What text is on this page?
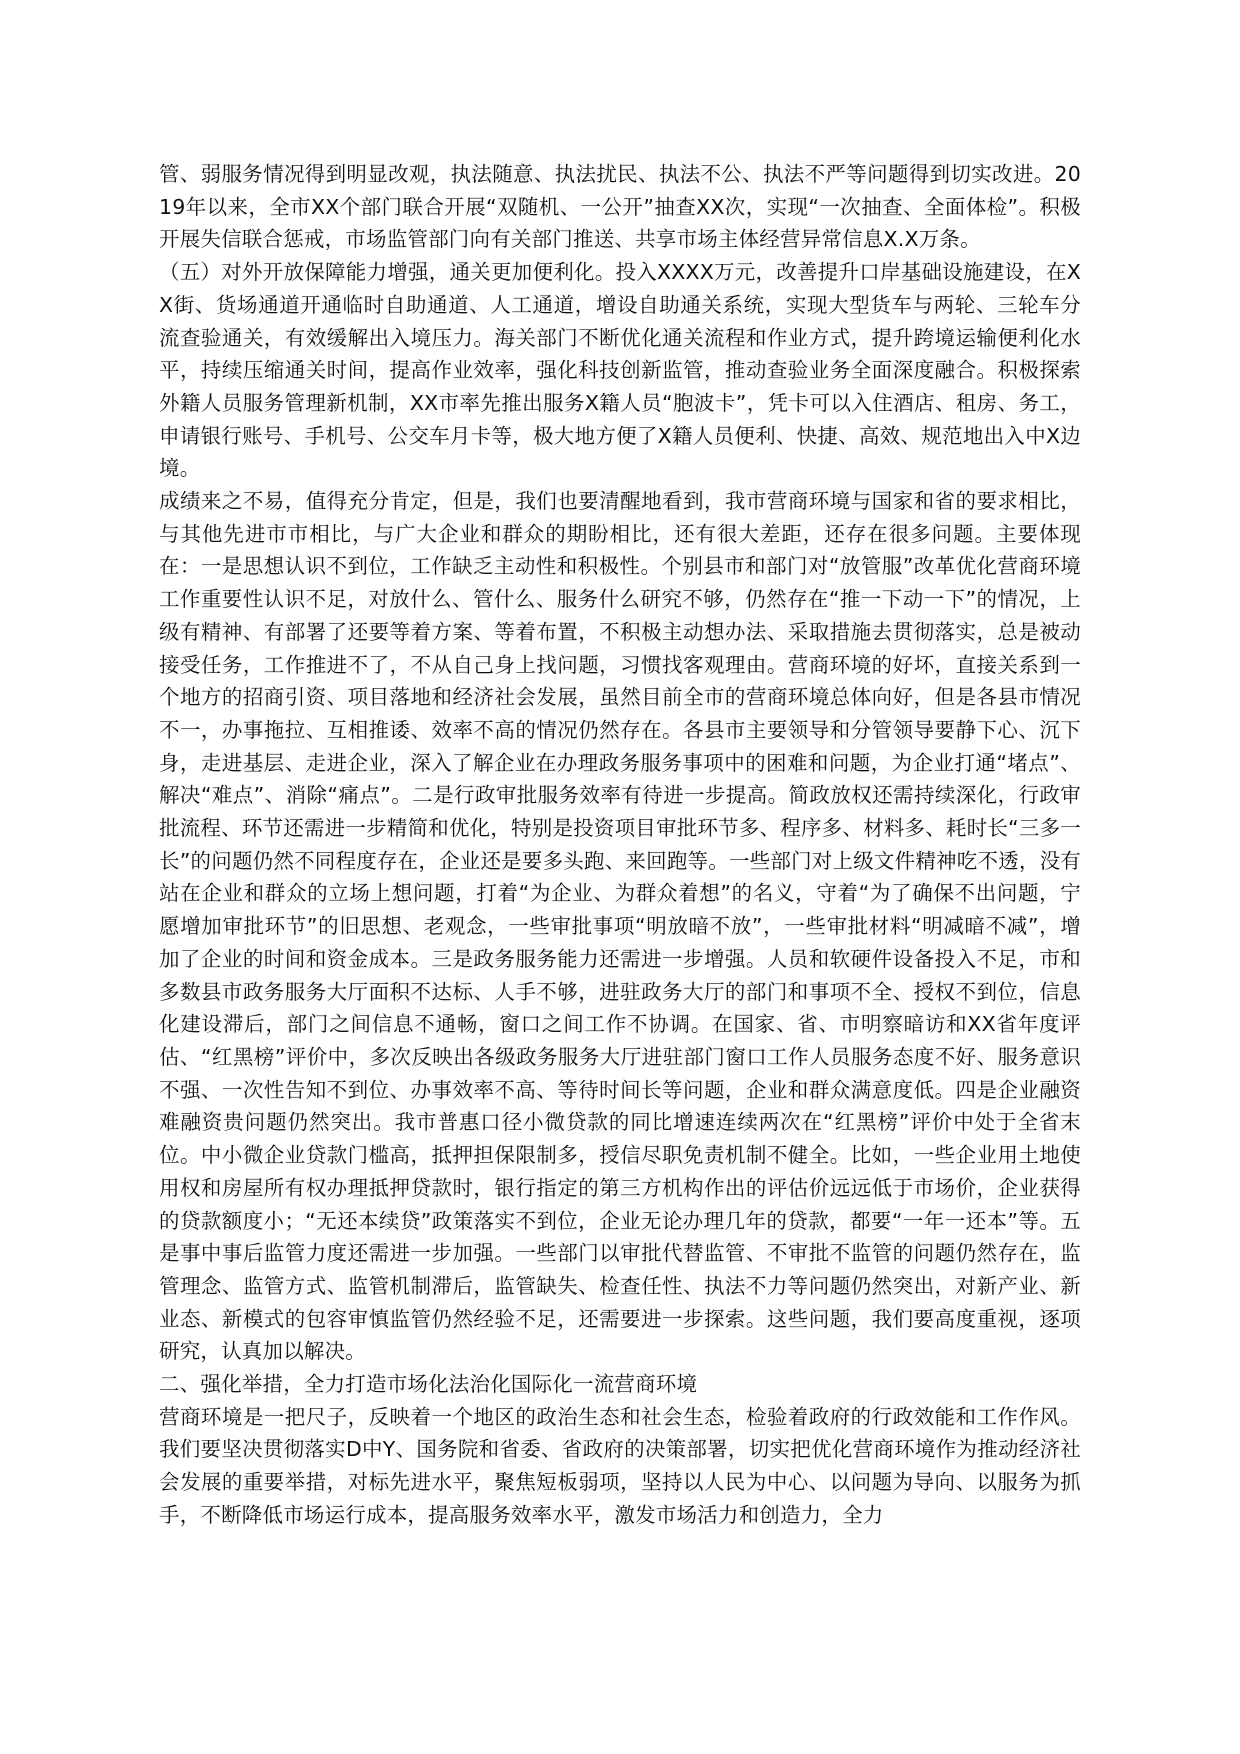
管、弱服务情况得到明显改观，执法随意、执法扰民、执法不公、执法不严等问题得到切实改进。2019年以来，全市XX个部门联合开展“双随机、一公开”抽查XX次，实现“一次抽查、全面体检”。积极开展失信联合惩戒，市场监管部门向有关部门推送、共享市场主体经营异常信息X.X万条。

（五）对外开放保障能力增强，通关更加便利化。投入XXXX万元，改善提升口岸基础设施建设，在XX街、货场通道开通临时自助通道、人工通道，增设自助通关系统，实现大型货车与两轮、三轮车分流查验通关，有效缓解出入境压力。海关部门不断优化通关流程和作业方式，提升跨境运输便利化水平，持续压缩通关时间，提高作业效率，强化科技创新监管，推动查验业务全面深度融合。积极探索外籍人员服务管理新机制，XX市率先推出服务X籍人员“胞波卡”，凭卡可以入住酒店、租房、务工，申请银行账号、手机号、公交车月卡等，极大地方便了X籍人员便利、快捷、高效、规范地出入中X边境。

成绩来之不易，值得充分肯定，但是，我们也要清醒地看到，我市营商环境与国家和省的要求相比，与其他先进市市相比，与广大企业和群众的期盼相比，还有很大差距，还存在很多问题。主要体现在：一是思想认识不到位，工作缺乏主动性和积极性。个别县市和部门对“放管服”改革优化营商环境工作重要性认识不足，对放什么、管什么、服务什么研究不够，仍然存在“推一下动一下”的情况，上级有精神、有部署了还要等着方案、等着布置，不积极主动想办法、采取措施去贯彻落实，总是被动接受任务，工作推进不了，不从自己身上找问题，习惯找客观理由。营商环境的好坏，直接关系到一个地方的招商引资、项目落地和经济社会发展，虽然目前全市的营商环境总体向好，但是各县市情况不一，办事拖拉、互相推诿、效率不高的情况仍然存在。各县市主要领导和分管领导要静下心、沉下身，走进基层、走进企业，深入了解企业在办理政务服务事项中的困难和问题，为企业打通“堵点”、解决“难点”、消除“痛点”。二是行政审批服务效率有待进一步提高。简政放权还需持续深化，行政审批流程、环节还需进一步精简和优化，特别是投资项目审批环节多、程序多、材料多、耗时长“三多一长”的问题仍然不同程度存在，企业还是要多头跑、来回跑等。一些部门对上级文件精神吃不透，没有站在企业和群众的立场上想问题，打着“为企业、为群众着想”的名义，守着“为了确保不出问题，宁愿增加审批环节”的旧思想、老观念，一些审批事项“明放暗不放”，一些审批材料“明减暗不减”，增加了企业的时间和资金成本。三是政务服务能力还需进一步增强。人员和软硬件设备投入不足，市和多数县市政务服务大厅面积不达标、人手不够，进驻政务大厅的部门和事项不全、授权不到位，信息化建设滞后，部门之间信息不通畅，窗口之间工作不协调。在国家、省、市明察暗访和XX省年度评估、“红黑榜”评价中，多次反映出各级政务服务大厅进驻部门窗口工作人员服务态度不好、服务意识不强、一次性告知不到位、办事效率不高、等待时间长等问题，企业和群众满意度低。四是企业融资难融资贵问题仍然突出。我市普惠口径小微贷款的同比增速连续两次在“红黑榜”评价中处于全省末位。中小微企业贷款门槛高，抵押担保限制多，授信尽职免责机制不健全。比如，一些企业用土地使用权和房屋所有权办理抵押贷款时，银行指定的第三方机构作出的评估价远远低于市场价，企业获得的贷款额度小；“无还本续贷”政策落实不到位，企业无论办理几年的贷款，都要“一年一还本”等。五是事中事后监管力度还需进一步加强。一些部门以审批代替监管、不审批不监管的问题仍然存在，监管理念、监管方式、监管机制滞后，监管缺失、检查任性、执法不力等问题仍然突出，对新产业、新业态、新模式的包容审慎监管仍然经验不足，还需要进一步探索。这些问题，我们要高度重视，逐项研究，认真加以解决。

二、强化举措，全力打造市场化法治化国际化一流营商环境

营商环境是一把尺子，反映着一个地区的政治生态和社会生态，检验着政府的行政效能和工作作风。我们要坚决贯彻落实D中Y、国务院和省委、省政府的决策部署，切实把优化营商环境作为推动经济社会发展的重要举措，对标先进水平，聚焦短板弱项，坚持以人民为中心、以问题为导向、以服务为抓手，不断降低市场运行成本，提高服务效率水平，激发市场活力和创造力，全力
